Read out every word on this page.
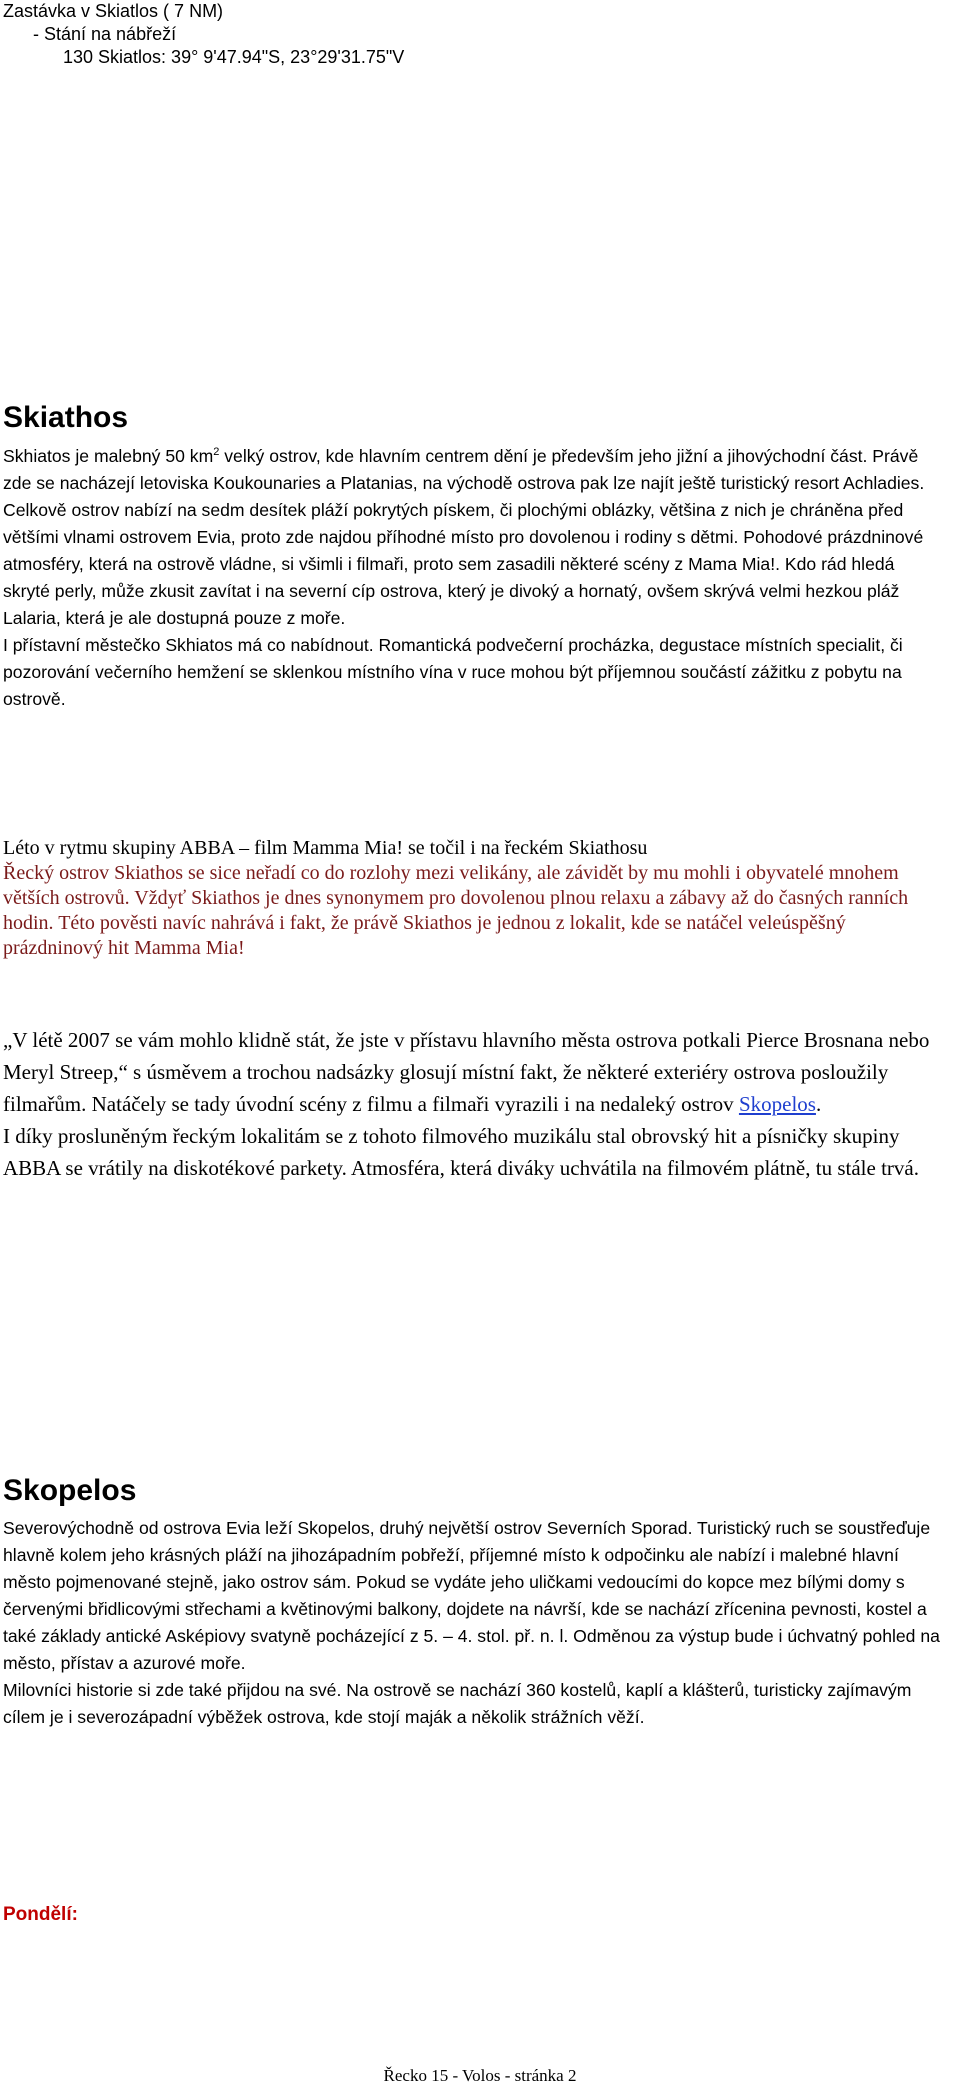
Zastávka v Skiatlos ( 7 NM)
- Stání na nábřeží
130 Skiatlos: 39° 9'47.94"S, 23°29'31.75"V
Skiathos

Skhiatos je malebný 50 $km^2$ velký ostrov, kde hlavním centrem dění je především jeho jižní a jihovýchodní část. Právě zde se nacházejí letoviska Koukounaries a Platanias, na východě ostrova pak lze najít ještě turistický resort Achladies. Celkově ostrov nabízí na sedm desítek pláží pokrytých pískem, či plochými oblázky, většina z nich je chráněna před většími vlnami ostrovem Evia, proto zde najdou příhodné místo pro dovolenou i rodiny s dětmi. Pohodové prázdninové atmosféry, která na ostrově vládne, si všimli i filmaři, proto sem zasadili některé scény z Mama Mia!. Kdo rád hledá skryté perly, může zkusit zavítat i na severní cíp ostrova, který je divoký a hornatý, ovšem skrývá velmi hezkou pláž Lalaria, která je ale dostupná pouze z moře.

I přístavní městečko Skhiatos má co nabídnout. Romantická podvečerní procházka, degustace místních specialit, či pozorování večerního hemžení se sklenkou místního vína v ruce mohou být příjemnou součástí zážitku z pobytu na ostrově.

Léto v rytmu skupiny ABBA – film Mamma Mia! se točil i na řeckém Skiathosu

Řecký ostrov Skiathos se sice neřadí co do rozlohy mezi velikány, ale závidět by mu mohli i obyvatelé mnohem větších ostrovů. Vždyť Skiathos je dnes synonymem pro dovolenou plnou relaxu a zábavy až do časných ranních hodin. Této pověsti navíc nahrává i fakt, že právě Skiathos je jednou z lokalit, kde se natáčel veleúspěšný prázdninový hit Mamma Mia!

„V létě 2007 se vám mohlo klidně stát, že jste v přístavu hlavního města ostrova potkali Pierce Brosnana nebo Meryl Streep,“ s úsměvem a trochou nadsázky glosují místní fakt, že některé exteriéry ostrova posloužily filmařům. Natáčely se tady úvodní scény z filmu a filmaři vyrazili i na nedaleký ostrov Skopelos.

I díky prosluněným řeckým lokalitám se z tohoto filmového muzikálu stal obrovský hit a písničky skupiny ABBA se vrátily na diskotékové parkety. Atmosféra, která diváky uchvátila na filmovém plátně, tu stále trvá.

Skopelos

Severovýchodně od ostrova Evia leží Skopelos, druhý největší ostrov Severních Sporad. Turistický ruch se soustřeďuje hlavně kolem jeho krásných pláží na jihozápadním pobřeží, příjemné místo k odpočinku ale nabízí i malebné hlavní město pojmenované stejně, jako ostrov sám. Pokud se vydáte jeho uličkami vedoucími do kopce mez bílými domy s červenými břidlicovými střechami a květinovými balkony, dojdete na návrší, kde se nachází zřícenina pevnosti, kostel a také základy antické Asképiovy svatyně pocházející z 5. – 4. stol. př. n. l. Odměnou za výstup bude i úchvatný pohled na město, přístav a azurové moře.

Milovníci historie si zde také přijdou na své. Na ostrově se nachází 360 kostelů, kaplí a klášterů, turisticky zajímavým cílem je i severozápadní výběžek ostrova, kde stojí maják a několik strážních věží.

Pondělí:
Řecko 15 - Volos - stránka 2
